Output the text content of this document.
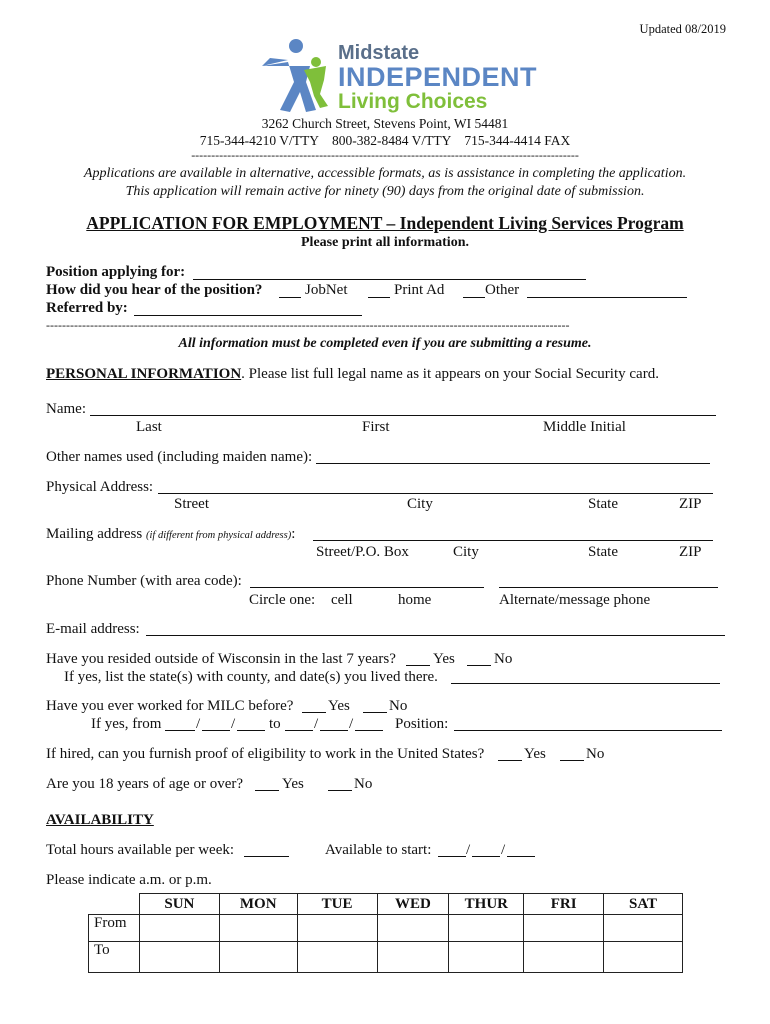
Updated 08/2019
Midstate
INDEPENDENT
Living Choices
3262 Church Street, Stevens Point, WI 54481
715-344-4210 V/TTY    800-382-8484 V/TTY    715-344-4414 FAX
-------------------------------------------------------------------------------------------------
Applications are available in alternative, accessible formats, as is assistance in completing the application.
This application will remain active for ninety (90) days from the original date of submission.
APPLICATION FOR EMPLOYMENT – Independent Living Services Program
Please print all information.
Position applying for:
How did you hear of the position?	JobNet	Print Ad	Other
Referred by:
-----------------------------------------------------------------------------------------------------------------------------------
All information must be completed even if you are submitting a resume.
PERSONAL INFORMATION. Please list full legal name as it appears on your Social Security card.
Name:
Last	First	Middle Initial
Other names used (including maiden name):
Physical Address:
Street	City	State	ZIP
Mailing address (if different from physical address):
Street/P.O. Box	City	State	ZIP
Phone Number (with area code):
Circle one: cell	home	Alternate/message phone
E-mail address:
Have you resided outside of Wisconsin in the last 7 years? Yes	No
If yes, list the state(s) with county, and date(s) you lived there.
Have you ever worked for MILC before? Yes	No
If yes, from / / to / /	Position:
If hired, can you furnish proof of eligibility to work in the United States?	Yes	No
Are you 18 years of age or over?	Yes	No
AVAILABILITY
Total hours available per week:	Available to start: / /
Please indicate a.m. or p.m.
	SUN	MON	TUE	WED	THUR	FRI	SAT
From							
To							
